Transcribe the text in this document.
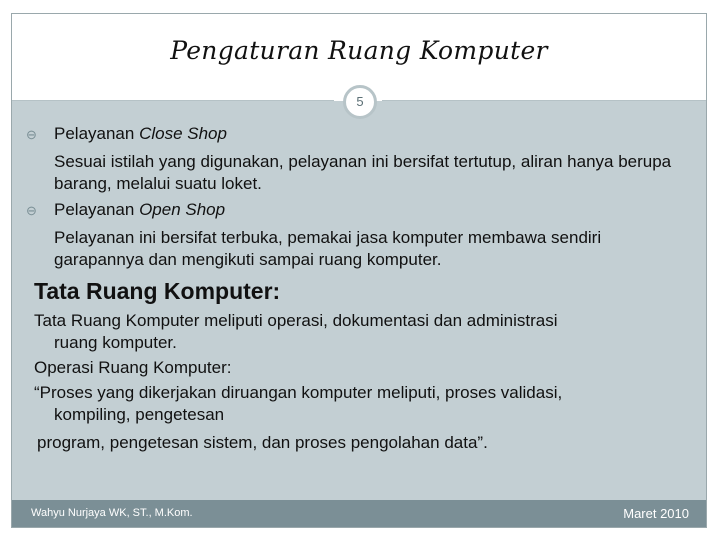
Pengaturan Ruang Komputer
5
⊖ Pelayanan Close Shop
Sesuai istilah yang digunakan, pelayanan ini bersifat tertutup, aliran hanya berupa barang, melalui suatu loket.
⊖ Pelayanan Open Shop
Pelayanan ini bersifat terbuka, pemakai jasa komputer membawa sendiri garapannya dan mengikuti sampai ruang komputer.
Tata Ruang Komputer:
Tata Ruang Komputer meliputi operasi, dokumentasi dan administrasi
ruang komputer.
Operasi Ruang Komputer:
“Proses yang dikerjakan diruangan komputer meliputi, proses validasi,
kompiling, pengetesan
program, pengetesan sistem, dan proses pengolahan data”.
Wahyu Nurjaya WK, ST., M.Kom.	Maret 2010
